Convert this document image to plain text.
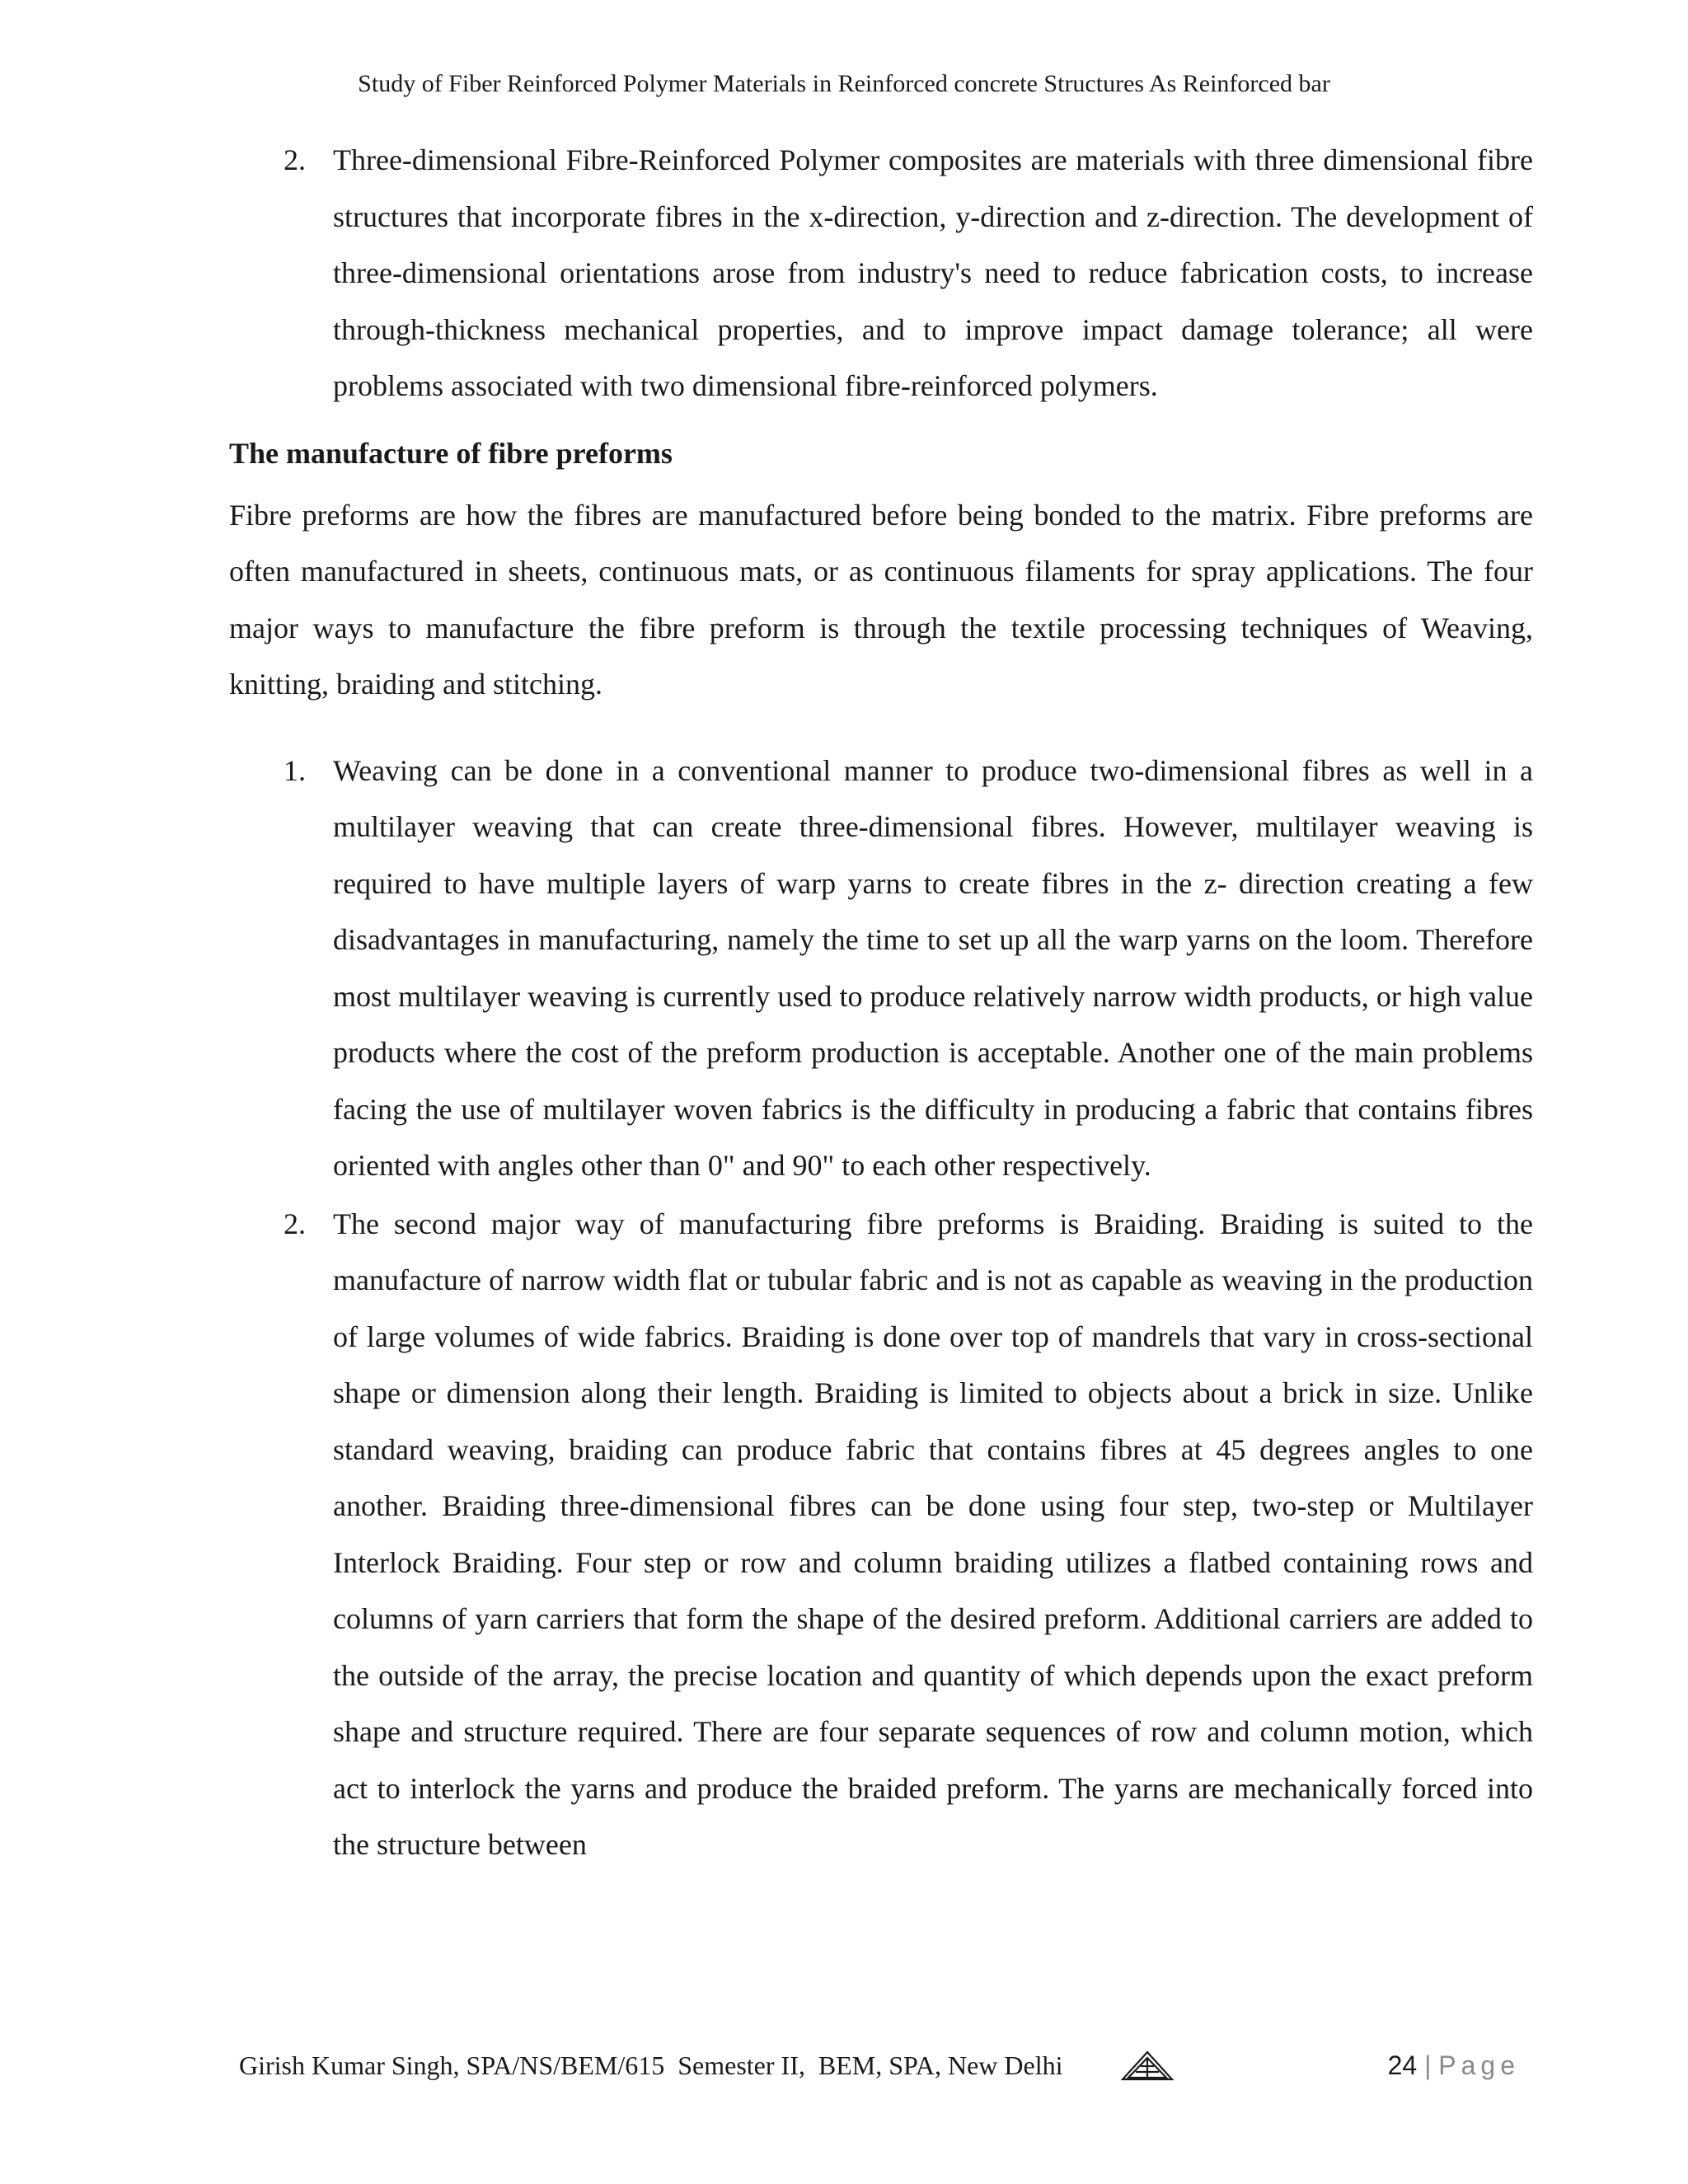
Study of Fiber Reinforced Polymer Materials in Reinforced concrete Structures As Reinforced bar
2. Three-dimensional Fibre-Reinforced Polymer composites are materials with three dimensional fibre structures that incorporate fibres in the x-direction, y-direction and z-direction. The development of three-dimensional orientations arose from industry's need to reduce fabrication costs, to increase through-thickness mechanical properties, and to improve impact damage tolerance; all were problems associated with two dimensional fibre-reinforced polymers.
The manufacture of fibre preforms
Fibre preforms are how the fibres are manufactured before being bonded to the matrix. Fibre preforms are often manufactured in sheets, continuous mats, or as continuous filaments for spray applications. The four major ways to manufacture the fibre preform is through the textile processing techniques of Weaving, knitting, braiding and stitching.
1. Weaving can be done in a conventional manner to produce two-dimensional fibres as well in a multilayer weaving that can create three-dimensional fibres. However, multilayer weaving is required to have multiple layers of warp yarns to create fibres in the z- direction creating a few disadvantages in manufacturing, namely the time to set up all the warp yarns on the loom. Therefore most multilayer weaving is currently used to produce relatively narrow width products, or high value products where the cost of the preform production is acceptable. Another one of the main problems facing the use of multilayer woven fabrics is the difficulty in producing a fabric that contains fibres oriented with angles other than 0" and 90" to each other respectively.
2. The second major way of manufacturing fibre preforms is Braiding. Braiding is suited to the manufacture of narrow width flat or tubular fabric and is not as capable as weaving in the production of large volumes of wide fabrics. Braiding is done over top of mandrels that vary in cross-sectional shape or dimension along their length. Braiding is limited to objects about a brick in size. Unlike standard weaving, braiding can produce fabric that contains fibres at 45 degrees angles to one another. Braiding three-dimensional fibres can be done using four step, two-step or Multilayer Interlock Braiding. Four step or row and column braiding utilizes a flatbed containing rows and columns of yarn carriers that form the shape of the desired preform. Additional carriers are added to the outside of the array, the precise location and quantity of which depends upon the exact preform shape and structure required. There are four separate sequences of row and column motion, which act to interlock the yarns and produce the braided preform. The yarns are mechanically forced into the structure between
Girish Kumar Singh, SPA/NS/BEM/615  Semester II,  BEM, SPA, New Delhi	24 | Page
